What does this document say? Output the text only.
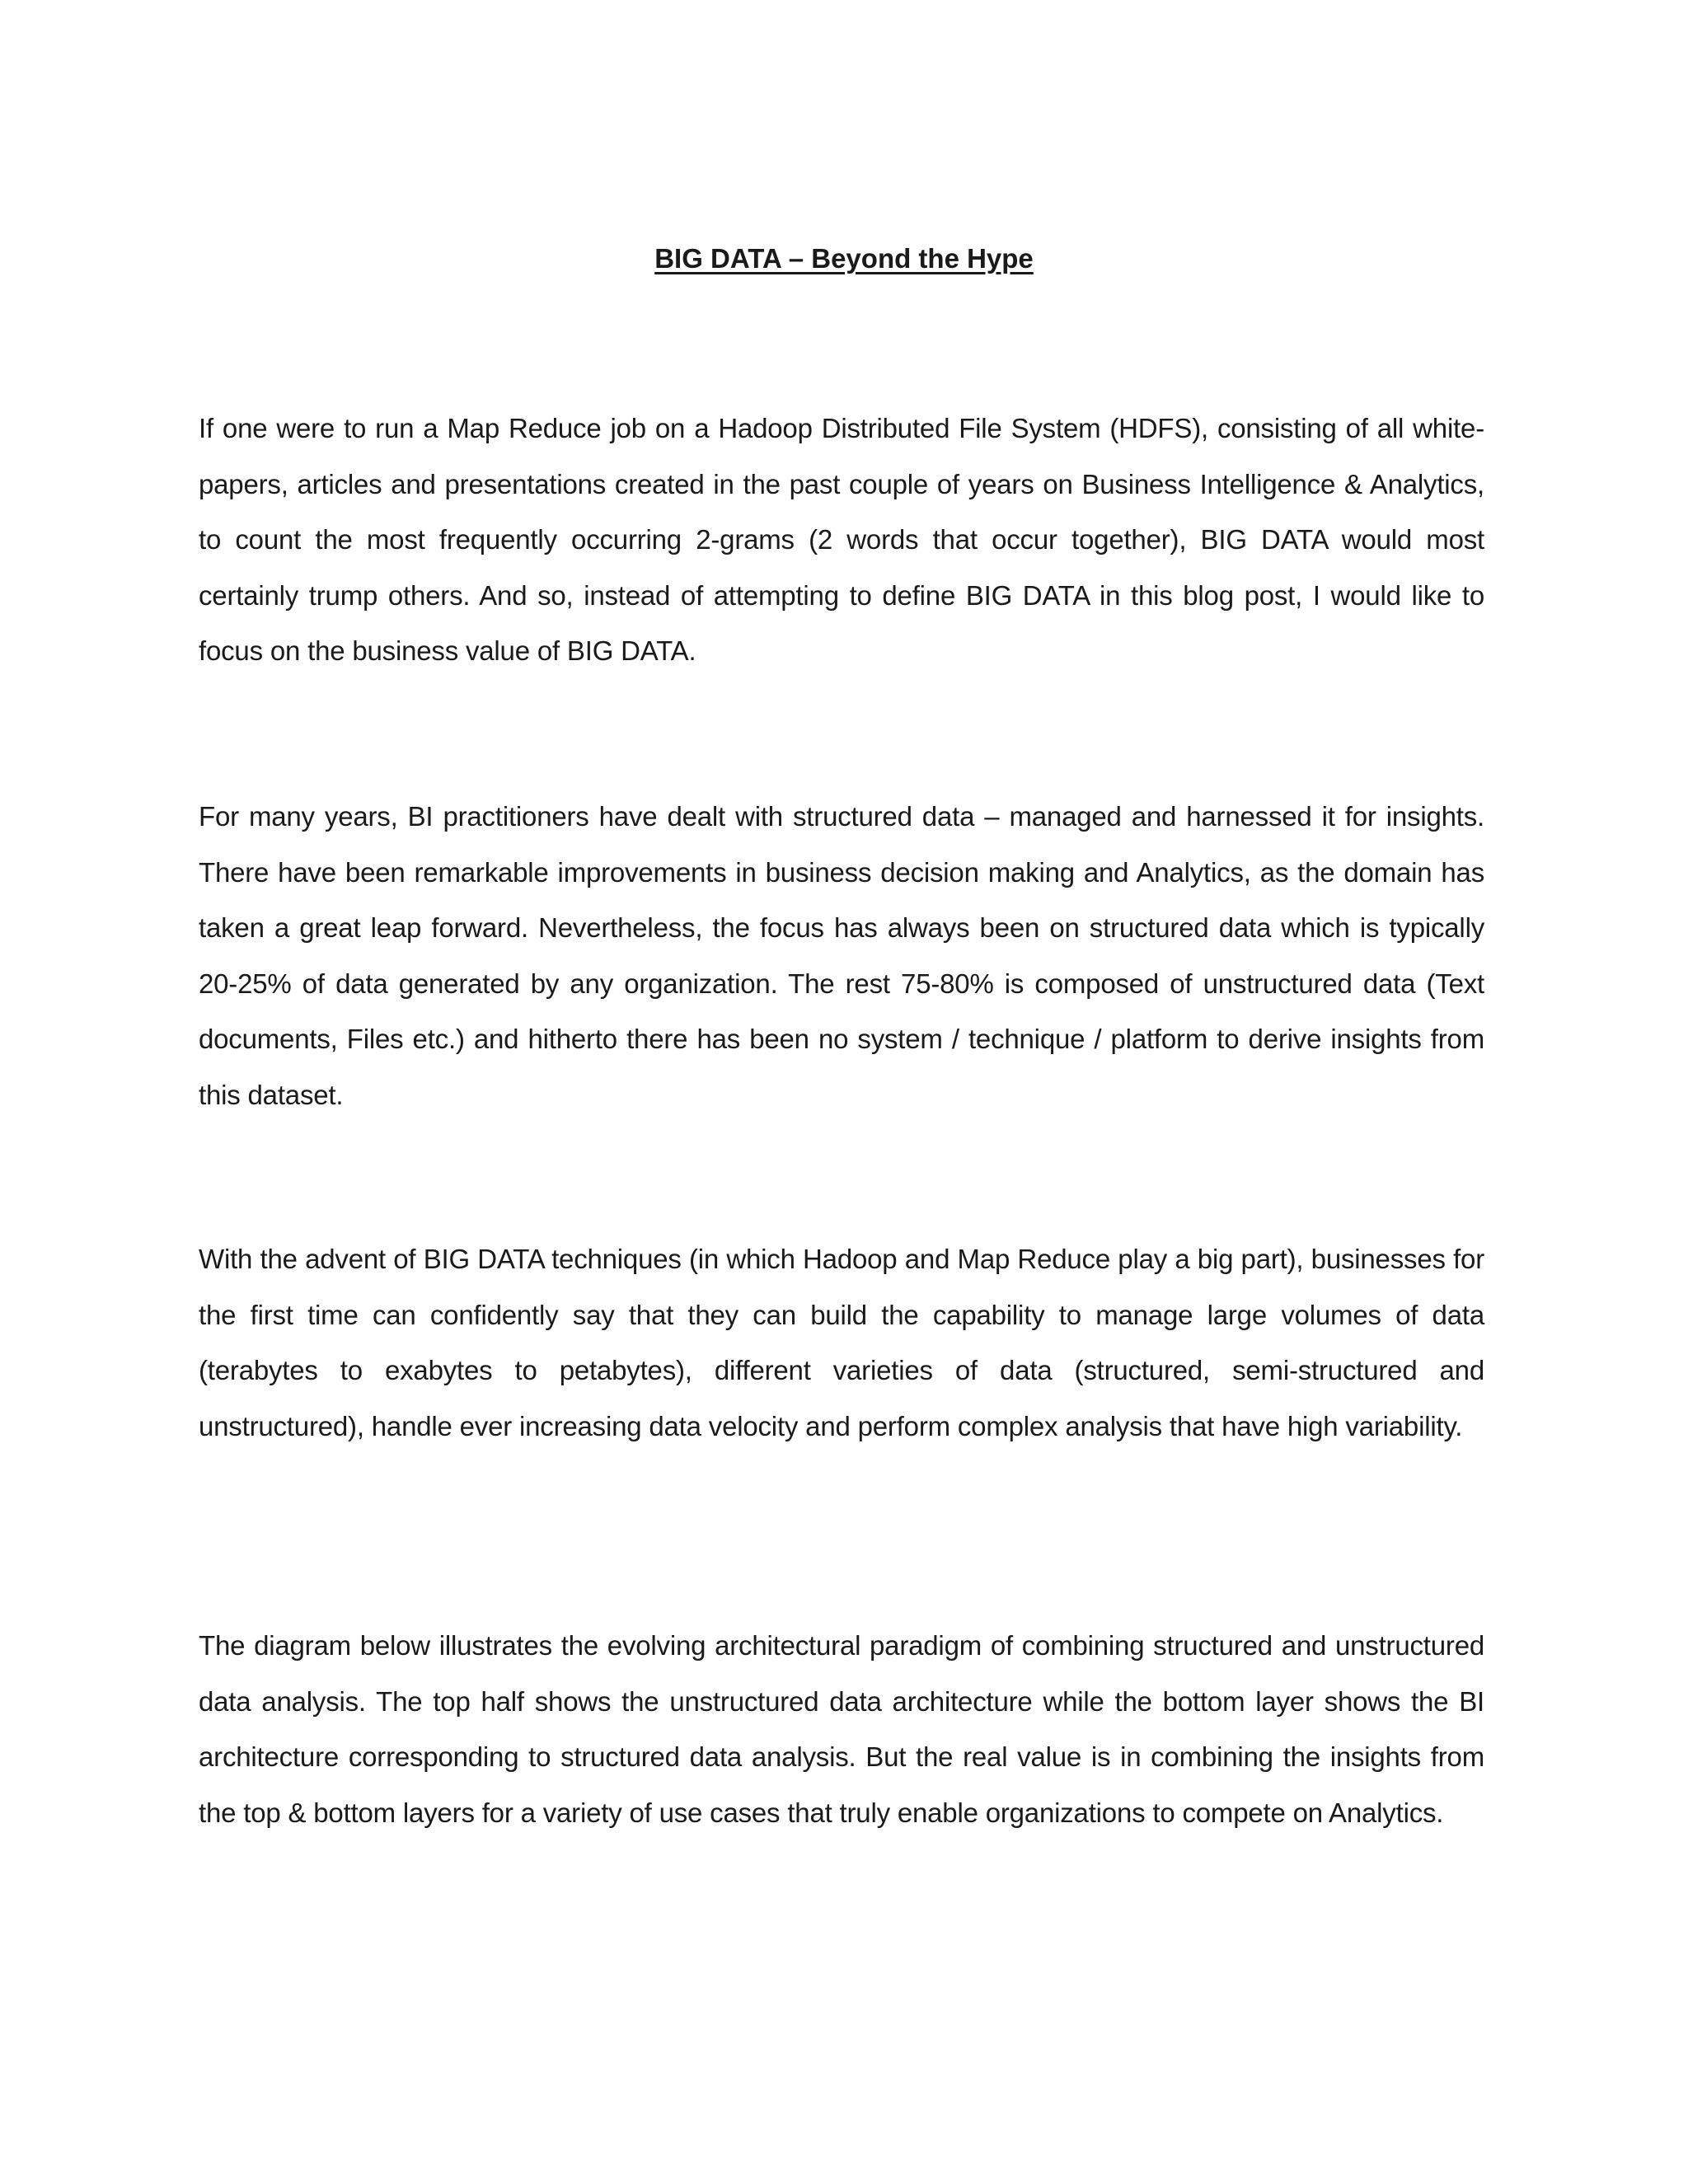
BIG DATA – Beyond the Hype

If one were to run a Map Reduce job on a Hadoop Distributed File System (HDFS), consisting of all white-papers, articles and presentations created in the past couple of years on Business Intelligence & Analytics, to count the most frequently occurring 2-grams (2 words that occur together), BIG DATA would most certainly trump others. And so, instead of attempting to define BIG DATA in this blog post, I would like to focus on the business value of BIG DATA.

For many years, BI practitioners have dealt with structured data – managed and harnessed it for insights. There have been remarkable improvements in business decision making and Analytics, as the domain has taken a great leap forward. Nevertheless, the focus has always been on structured data which is typically 20-25% of data generated by any organization. The rest 75-80% is composed of unstructured data (Text documents, Files etc.) and hitherto there has been no system / technique / platform to derive insights from this dataset.

With the advent of BIG DATA techniques (in which Hadoop and Map Reduce play a big part), businesses for the first time can confidently say that they can build the capability to manage large volumes of data (terabytes to exabytes to petabytes), different varieties of data (structured, semi-structured and unstructured), handle ever increasing data velocity and perform complex analysis that have high variability.

The diagram below illustrates the evolving architectural paradigm of combining structured and unstructured data analysis. The top half shows the unstructured data architecture while the bottom layer shows the BI architecture corresponding to structured data analysis. But the real value is in combining the insights from the top & bottom layers for a variety of use cases that truly enable organizations to compete on Analytics.
